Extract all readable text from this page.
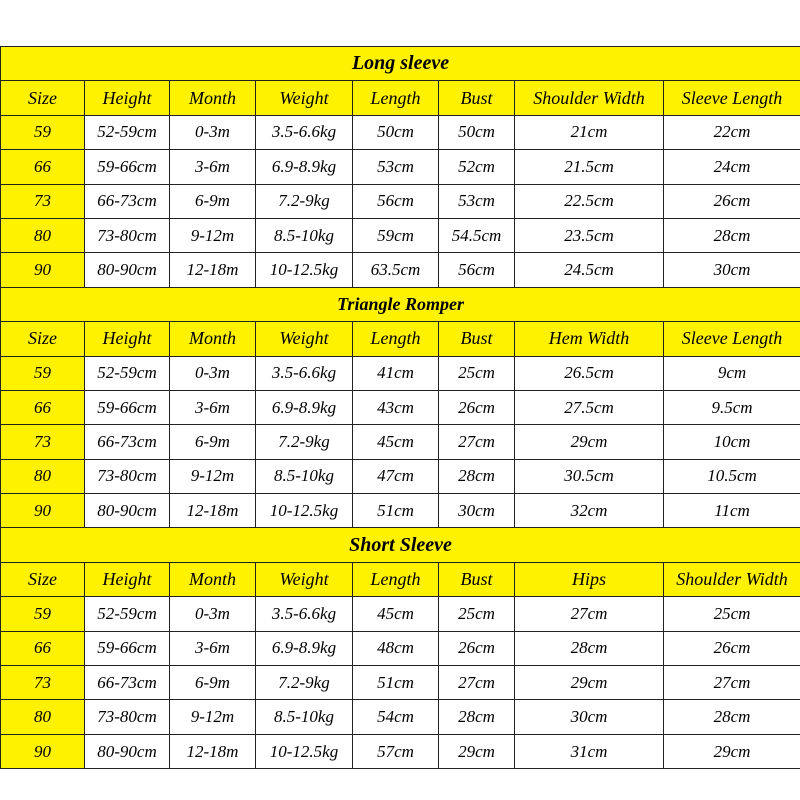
Long sleeve							
Size	Height	Month	Weight	Length	Bust	Shoulder Width	Sleeve Length
59	52-59cm	0-3m	3.5-6.6kg	50cm	50cm	21cm	22cm
66	59-66cm	3-6m	6.9-8.9kg	53cm	52cm	21.5cm	24cm
73	66-73cm	6-9m	7.2-9kg	56cm	53cm	22.5cm	26cm
80	73-80cm	9-12m	8.5-10kg	59cm	54.5cm	23.5cm	28cm
90	80-90cm	12-18m	10-12.5kg	63.5cm	56cm	24.5cm	30cm
Triangle Romper							
Size	Height	Month	Weight	Length	Bust	Hem Width	Sleeve Length
59	52-59cm	0-3m	3.5-6.6kg	41cm	25cm	26.5cm	9cm
66	59-66cm	3-6m	6.9-8.9kg	43cm	26cm	27.5cm	9.5cm
73	66-73cm	6-9m	7.2-9kg	45cm	27cm	29cm	10cm
80	73-80cm	9-12m	8.5-10kg	47cm	28cm	30.5cm	10.5cm
90	80-90cm	12-18m	10-12.5kg	51cm	30cm	32cm	11cm
Short Sleeve							
Size	Height	Month	Weight	Length	Bust	Hips	Shoulder Width
59	52-59cm	0-3m	3.5-6.6kg	45cm	25cm	27cm	25cm
66	59-66cm	3-6m	6.9-8.9kg	48cm	26cm	28cm	26cm
73	66-73cm	6-9m	7.2-9kg	51cm	27cm	29cm	27cm
80	73-80cm	9-12m	8.5-10kg	54cm	28cm	30cm	28cm
90	80-90cm	12-18m	10-12.5kg	57cm	29cm	31cm	29cm
